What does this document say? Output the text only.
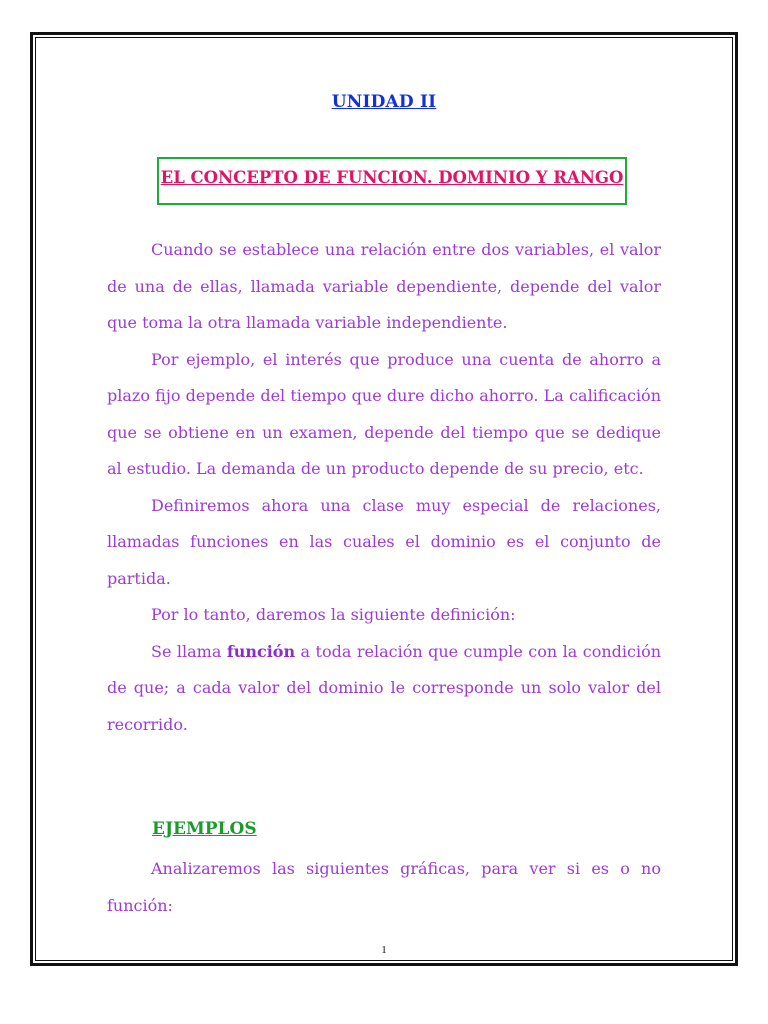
UNIDAD II
EL CONCEPTO DE FUNCION. DOMINIO Y RANGO

Cuando se establece una relación entre dos variables, el valor de una de ellas, llamada variable dependiente, depende del valor que toma la otra llamada variable independiente.

Por ejemplo, el interés que produce una cuenta de ahorro a plazo fijo depende del tiempo que dure dicho ahorro. La calificación que se obtiene en un examen, depende del tiempo que se dedique al estudio. La demanda de un producto depende de su precio, etc.

Definiremos ahora una clase muy especial de relaciones, llamadas funciones en las cuales el dominio es el conjunto de partida.

Por lo tanto, daremos la siguiente definición:

Se llama función a toda relación que cumple con la condición de que; a cada valor del dominio le corresponde un solo valor del recorrido.

EJEMPLOS

Analizaremos las siguientes gráficas, para ver si es o no función:

1
